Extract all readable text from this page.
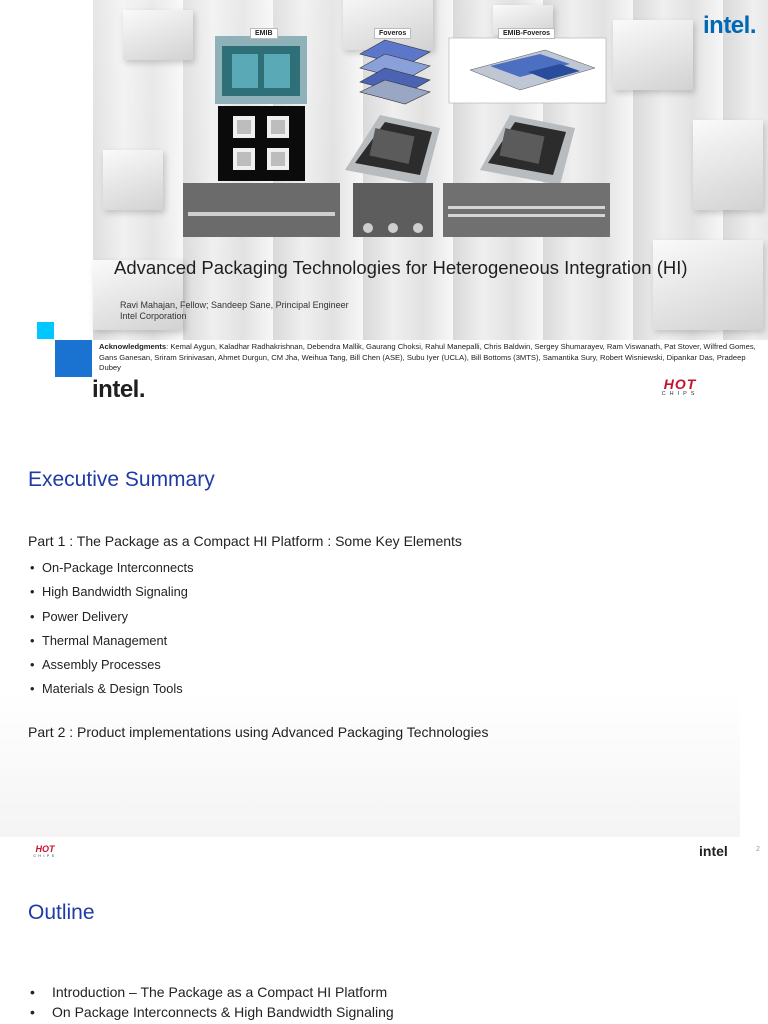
intel.
EMIB	Foveros	EMIB-Foveros
Advanced Packaging Technologies for Heterogeneous Integration (HI)
Ravi Mahajan, Fellow; Sandeep Sane, Principal Engineer
Intel Corporation
Acknowledgments: Kemal Aygun, Kaladhar Radhakrishnan, Debendra Mallik, Gaurang Choksi, Rahul Manepalli, Chris Baldwin, Sergey Shumarayev, Ram Viswanath, Pat Stover, Wilfred Gomes, Gans Ganesan, Sriram Srinivasan, Ahmet Durgun, CM Jha, Weihua Tang, Bill Chen (ASE), Subu Iyer (UCLA), Bill Bottoms (3MTS), Samantika Sury, Robert Wisniewski, Dipankar Das, Pradeep Dubey
intel.	HOT
CHIPS
Executive Summary
Part 1 : The Package as a Compact HI Platform : Some Key Elements
• On-Package Interconnects
• High Bandwidth Signaling
• Power Delivery
• Thermal Management
• Assembly Processes
• Materials & Design Tools
Part 2 : Product implementations using Advanced Packaging Technologies
HOT
CHIPS	intel	2
Outline
• Introduction – The Package as a Compact HI Platform
• On Package Interconnects & High Bandwidth Signaling
